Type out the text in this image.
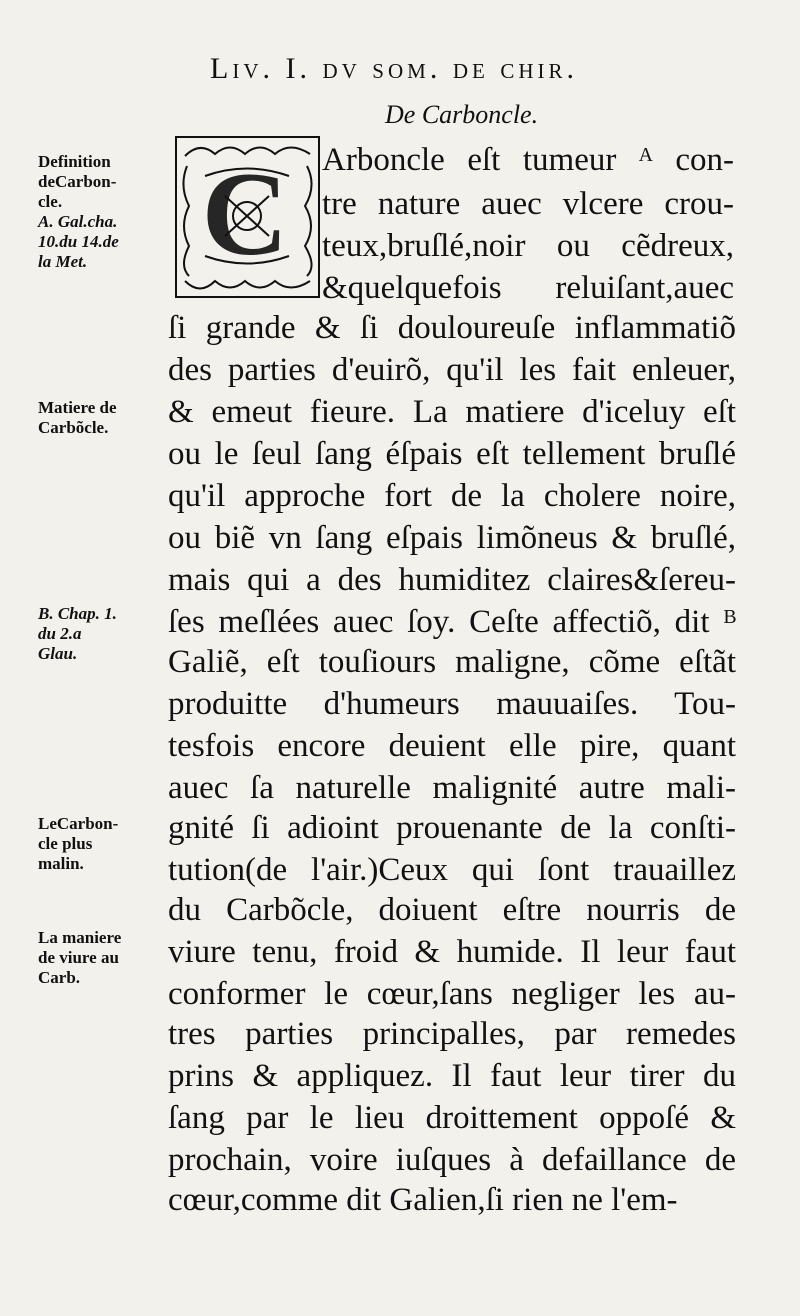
Liv. I. dv som. de chir.
De Carboncle.
C Arboncle eſt tumeur ᴬ con-
tre nature auec vlcere crou-
teux,bruſlé,noir ou cẽdreux,
&quelquefois reluiſant,auec
ſi grande & ſi douloureuſe inflammatiõ
des parties d'euirõ, qu'il les fait enleuer,
& emeut fieure. La matiere d'iceluy eſt
ou le ſeul ſang éſpais eſt tellement bruſlé
qu'il approche fort de la cholere noire,
ou biẽ vn ſang eſpais limõneus & bruſlé,
mais qui a des humiditez claires&ſereu-
ſes meſlées auec ſoy. Ceſte affectiõ, dit ᴮ
Galiẽ, eſt touſiours maligne, cõme eſtãt
produitte d'humeurs mauuaiſes. Tou-
tesfois encore deuient elle pire, quant
auec ſa naturelle malignité autre mali-
gnité ſi adioint prouenante de la conſti-
tution(de l'air.)Ceux qui ſont trauaillez
du Carbõcle, doiuent eſtre nourris de
viure tenu, froid & humide. Il leur faut
conformer le cœur,ſans negliger les au-
tres parties principalles, par remedes
prins & appliquez. Il faut leur tirer du
ſang par le lieu droittement oppoſé &
prochain, voire iuſques à defaillance de
cœur,comme dit Galien,ſi rien ne l'em-
Definition
deCarbon-
cle.
A. Gal.cha.
10.du 14.de
la Met.
Matiere de
Carbõcle.
B. Chap. 1.
du 2.a
Glau.
LeCarbon-
cle plus
malin.
La maniere
de viure au
Carb.
